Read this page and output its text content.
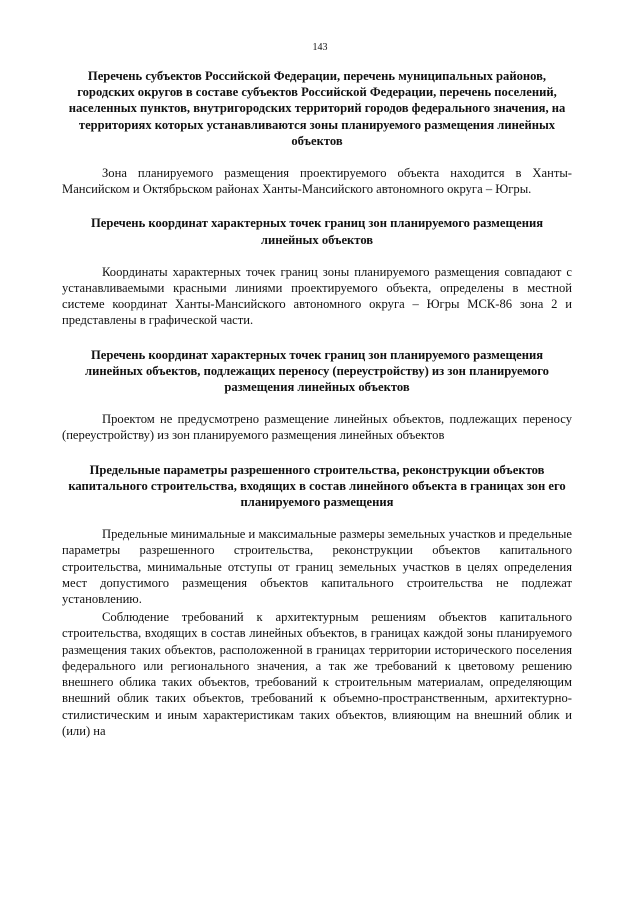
143
Перечень субъектов Российской Федерации, перечень муниципальных районов, городских округов в составе субъектов Российской Федерации, перечень поселений, населенных пунктов, внутригородских территорий городов федерального значения, на территориях которых устанавливаются зоны планируемого размещения линейных объектов

Зона планируемого размещения проектируемого объекта находится в Ханты-Мансийском и Октябрьском районах Ханты-Мансийского автономного округа – Югры.

Перечень координат характерных точек границ зон планируемого размещения линейных объектов

Координаты характерных точек границ зоны планируемого размещения совпадают с устанавливаемыми красными линиями проектируемого объекта, определены в местной системе координат Ханты-Мансийского автономного округа – Югры МСК-86 зона 2 и представлены в графической части.

Перечень координат характерных точек границ зон планируемого размещения линейных объектов, подлежащих переносу (переустройству) из зон планируемого размещения линейных объектов

Проектом не предусмотрено размещение линейных объектов, подлежащих переносу (переустройству) из зон планируемого размещения линейных объектов

Предельные параметры разрешенного строительства, реконструкции объектов капитального строительства, входящих в состав линейного объекта в границах зон его планируемого размещения

Предельные минимальные и максимальные размеры земельных участков и предельные параметры разрешенного строительства, реконструкции объектов капитального строительства, минимальные отступы от границ земельных участков в целях определения мест допустимого размещения объектов капитального строительства не подлежат установлению.

Соблюдение требований к архитектурным решениям объектов капитального строительства, входящих в состав линейных объектов, в границах каждой зоны планируемого размещения таких объектов, расположенной в границах территории исторического поселения федерального или регионального значения, а так же требований к цветовому решению внешнего облика таких объектов, требований к строительным материалам, определяющим внешний облик таких объектов, требований к объемно-пространственным, архитектурно-стилистическим и иным характеристикам таких объектов, влияющим на внешний облик и (или) на
